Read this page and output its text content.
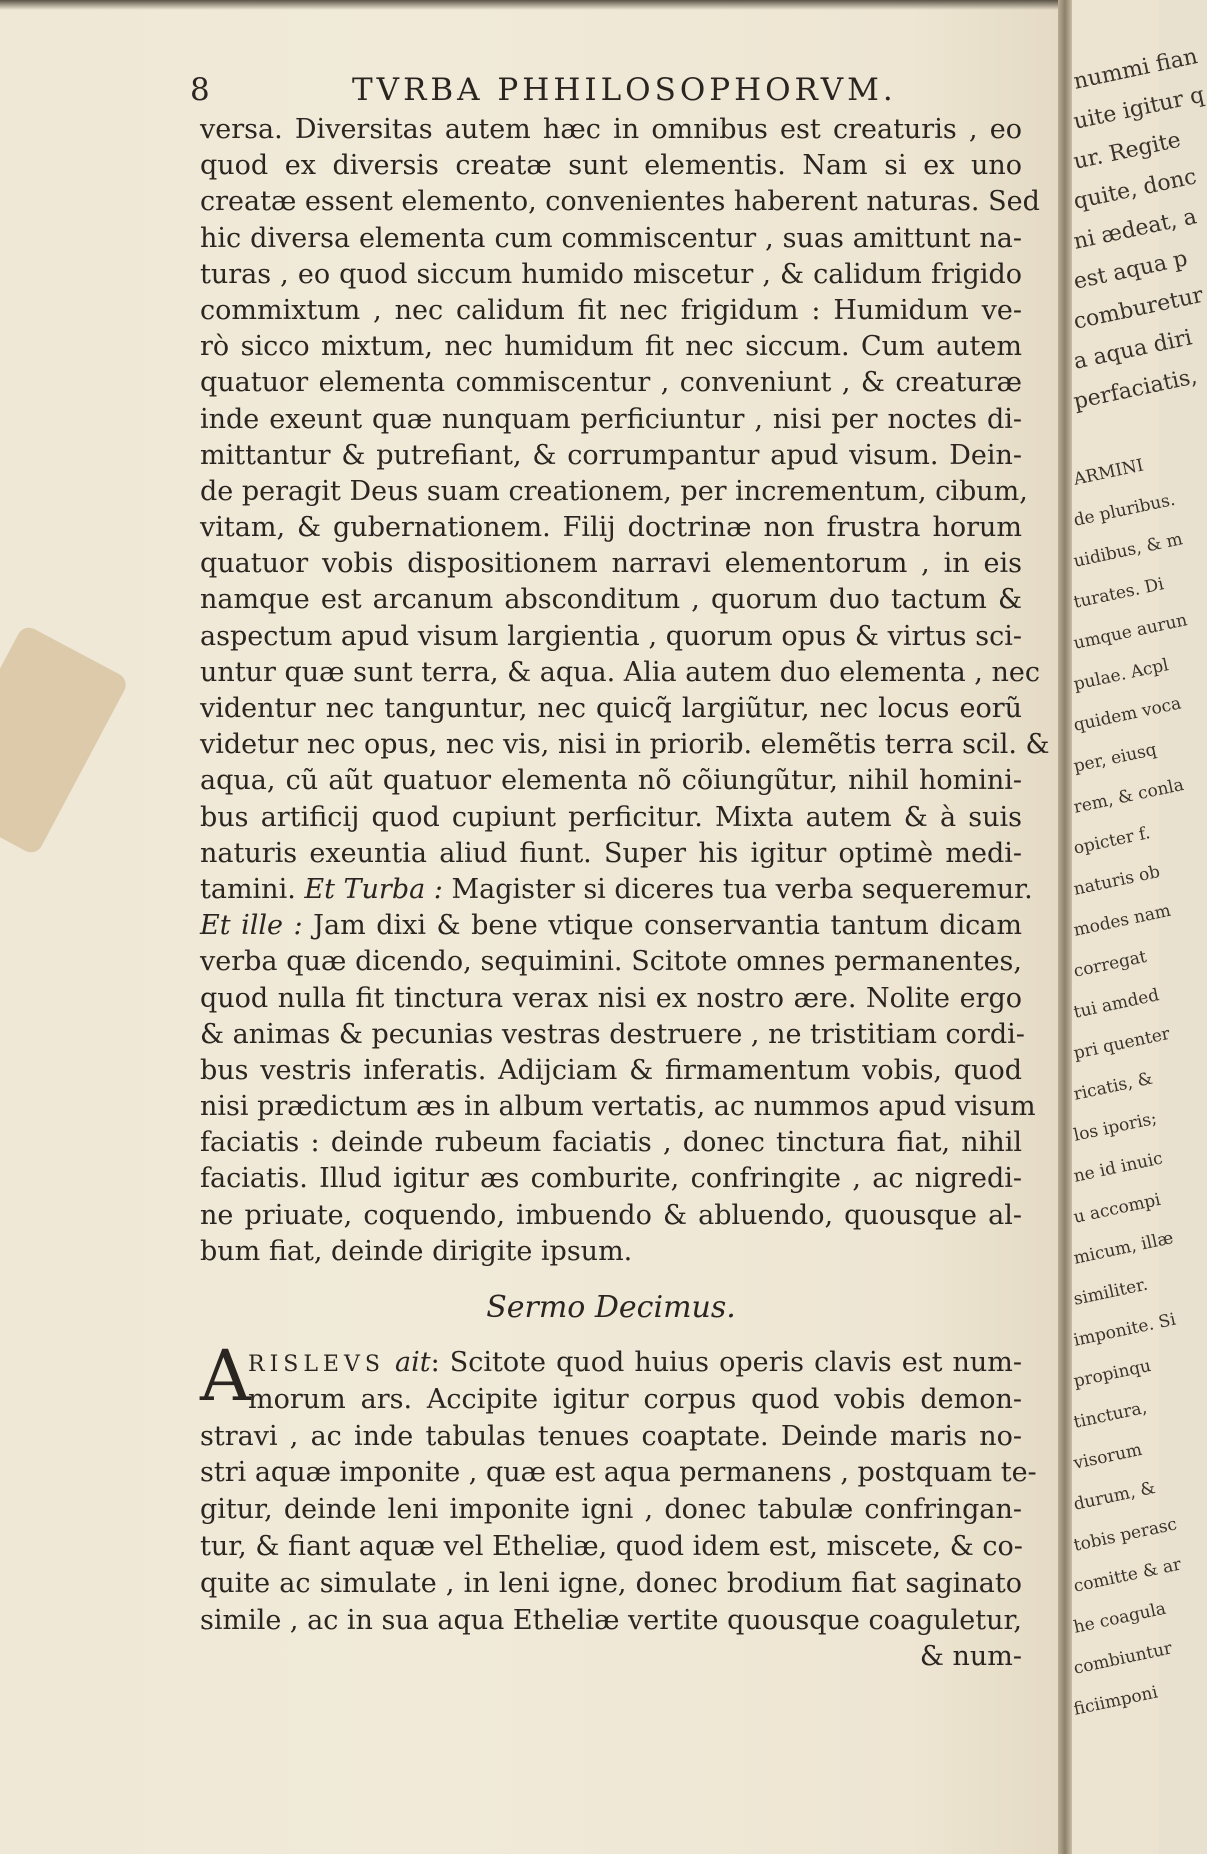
8	TVRBA PHHILOSOPHORVM.
versa. Diversitas autem hæc in omnibus est creaturis , eo
quod ex diversis creatæ sunt elementis. Nam si ex uno
creatæ essent elemento, convenientes haberent naturas. Sed
hic diversa elementa cum commiscentur , suas amittunt na-
turas , eo quod siccum humido miscetur , & calidum frigido
commixtum , nec calidum fit nec frigidum : Humidum ve-
rò sicco mixtum, nec humidum fit nec siccum. Cum autem
quatuor elementa commiscentur , conveniunt , & creaturæ
inde exeunt quæ nunquam perficiuntur , nisi per noctes di-
mittantur & putrefiant, & corrumpantur apud visum. Dein-
de peragit Deus suam creationem, per incrementum, cibum,
vitam, & gubernationem. Filij doctrinæ non frustra horum
quatuor vobis dispositionem narravi elementorum , in eis
namque est arcanum absconditum , quorum duo tactum &
aspectum apud visum largientia , quorum opus & virtus sci-
untur quæ sunt terra, & aqua. Alia autem duo elementa , nec
videntur nec tanguntur, nec quicq̃ largiũtur, nec locus eorũ
videtur nec opus, nec vis, nisi in priorib. elemẽtis terra scil. &
aqua, cũ aũt quatuor elementa nõ cõiungũtur, nihil homini-
bus artificij quod cupiunt perficitur. Mixta autem & à suis
naturis exeuntia aliud fiunt. Super his igitur optimè medi-
tamini. Et Turba : Magister si diceres tua verba sequeremur.
Et ille : Jam dixi & bene vtique conservantia tantum dicam
verba quæ dicendo, sequimini. Scitote omnes permanentes,
quod nulla fit tinctura verax nisi ex nostro ære. Nolite ergo
& animas & pecunias vestras destruere , ne tristitiam cordi-
bus vestris inferatis. Adijciam & firmamentum vobis, quod
nisi prædictum æs in album vertatis, ac nummos apud visum
faciatis : deinde rubeum faciatis , donec tinctura fiat, nihil
faciatis. Illud igitur æs comburite, confringite , ac nigredi-
ne priuate, coquendo, imbuendo & abluendo, quousque al-
bum fiat, deinde dirigite ipsum.
Sermo Decimus.
A
RISLEVS ait: Scitote quod huius operis clavis est num-
morum ars. Accipite igitur corpus quod vobis demon-
stravi , ac inde tabulas tenues coaptate. Deinde maris no-
stri aquæ imponite , quæ est aqua permanens , postquam te-
gitur, deinde leni imponite igni , donec tabulæ confringan-
tur, & fiant aquæ vel Etheliæ, quod idem est, miscete, & co-
quite ac simulate , in leni igne, donec brodium fiat saginato
simile , ac in sua aqua Etheliæ vertite quousque coaguletur,
& num-
nummi fian
uite igitur q
ur. Regite
quite, donc
ni ædeat, a
est aqua p
comburetur
a aqua diri
perfaciatis,
ARMINI
de pluribus.
uidibus, & m
turates. Di
umque aurun
pulae. Acpl
quidem voca
per, eiusq
rem, & conla
opicter f.
naturis ob
modes nam
corregat
tui amded
pri quenter
ricatis, &
los iporis;
ne id inuic
u accompi
micum, illæ
similiter.
imponite. Si
propinqu
tinctura,
visorum
durum, &
tobis perasc
comitte & ar
he coagula
combiuntur
ficiimponi
